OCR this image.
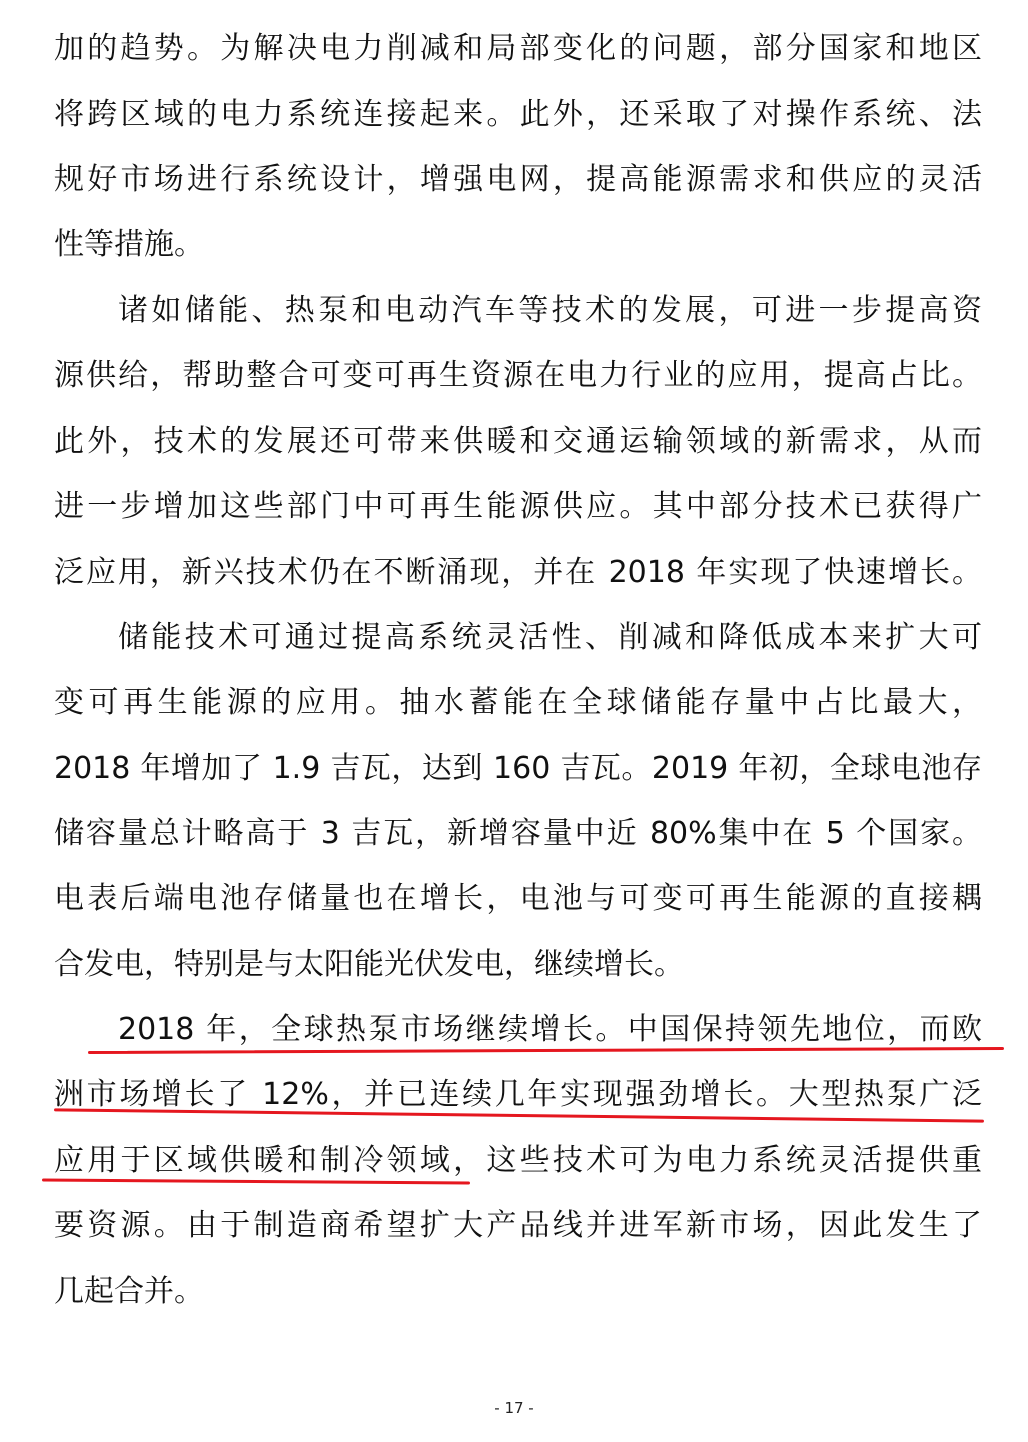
加的趋势。为解决电力削减和局部变化的问题，部分国家和地区
将跨区域的电力系统连接起来。此外，还采取了对操作系统、法
规好市场进行系统设计，增强电网，提高能源需求和供应的灵活
性等措施。
诸如储能、热泵和电动汽车等技术的发展，可进一步提高资
源供给，帮助整合可变可再生资源在电力行业的应用，提高占比。
此外，技术的发展还可带来供暖和交通运输领域的新需求，从而
进一步增加这些部门中可再生能源供应。其中部分技术已获得广
泛应用，新兴技术仍在不断涌现，并在 2018 年实现了快速增长。
储能技术可通过提高系统灵活性、削减和降低成本来扩大可
变可再生能源的应用。抽水蓄能在全球储能存量中占比最大，
2018 年增加了 1.9 吉瓦，达到 160 吉瓦。2019 年初，全球电池存
储容量总计略高于 3 吉瓦，新增容量中近 80%集中在 5 个国家。
电表后端电池存储量也在增长，电池与可变可再生能源的直接耦
合发电，特别是与太阳能光伏发电，继续增长。
2018 年，全球热泵市场继续增长。中国保持领先地位，而欧
洲市场增长了 12%，并已连续几年实现强劲增长。大型热泵广泛
应用于区域供暖和制冷领域，这些技术可为电力系统灵活提供重
要资源。由于制造商希望扩大产品线并进军新市场，因此发生了
几起合并。
- 17 -
